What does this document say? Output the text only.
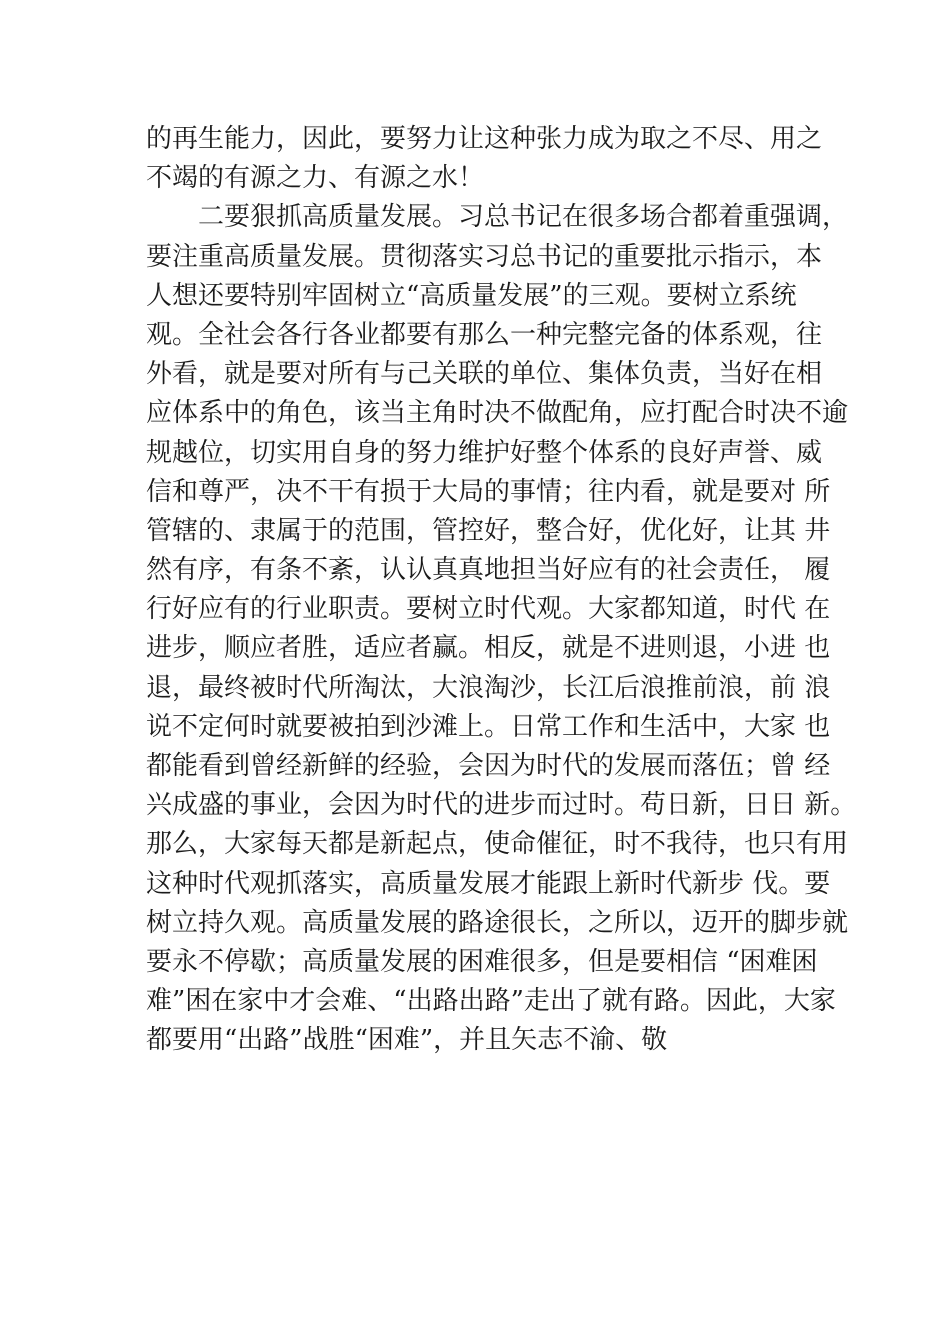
的再生能力，因此，要努力让这种张力成为取之不尽、用之
不竭的有源之力、有源之水！
　　二要狠抓高质量发展。习总书记在很多场合都着重强调，
要注重高质量发展。贯彻落实习总书记的重要批示指示，本
人想还要特别牢固树立“高质量发展”的三观。要树立系统
观。全社会各行各业都要有那么一种完整完备的体系观，往
外看，就是要对所有与己关联的单位、集体负责，当好在相
应体系中的角色，该当主角时决不做配角，应打配合时决不逾
规越位，切实用自身的努力维护好整个体系的良好声誉、威
信和尊严，决不干有损于大局的事情；往内看，就是要对 所
管辖的、隶属于的范围，管控好，整合好，优化好，让其 井
然有序，有条不紊，认认真真地担当好应有的社会责任， 履
行好应有的行业职责。要树立时代观。大家都知道，时代 在
进步，顺应者胜，适应者赢。相反，就是不进则退，小进 也
退，最终被时代所淘汰，大浪淘沙，长江后浪推前浪，前 浪
说不定何时就要被拍到沙滩上。日常工作和生活中，大家 也
都能看到曾经新鲜的经验，会因为时代的发展而落伍；曾 经
兴成盛的事业，会因为时代的进步而过时。苟日新，日日 新。
那么，大家每天都是新起点，使命催征，时不我待，也只有用
这种时代观抓落实，高质量发展才能跟上新时代新步 伐。要
树立持久观。高质量发展的路途很长，之所以，迈开的脚步就
要永不停歇；高质量发展的困难很多，但是要相信 “困难困
难”困在家中才会难、“出路出路”走出了就有路。因此，大家
都要用“出路”战胜“困难”，并且矢志不渝、敬
